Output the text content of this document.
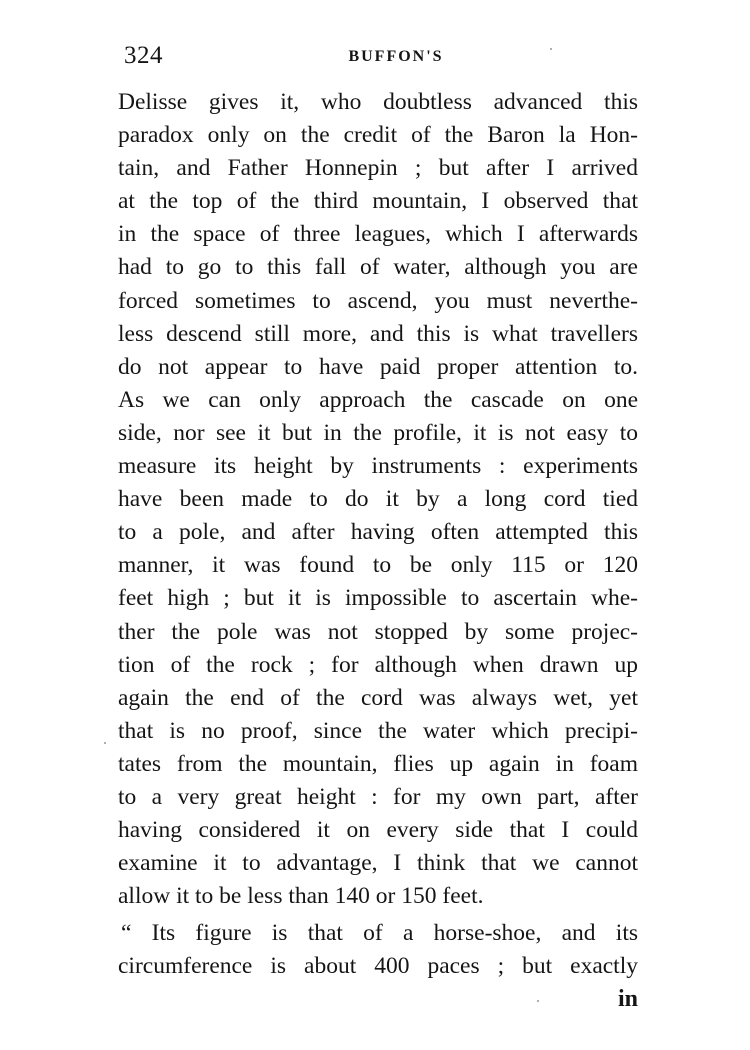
324	BUFFON'S
Delisse gives it, who doubtless advanced this
paradox only on the credit of the Baron la Hon-
tain, and Father Honnepin ; but after I arrived
at the top of the third mountain, I observed that
in the space of three leagues, which I afterwards
had to go to this fall of water, although you are
forced sometimes to ascend, you must neverthe-
less descend still more, and this is what travellers
do not appear to have paid proper attention to.
As we can only approach the cascade on one
side, nor see it but in the profile, it is not easy to
measure its height by instruments : experiments
have been made to do it by a long cord tied
to a pole, and after having often attempted this
manner, it was found to be only 115 or 120
feet high ; but it is impossible to ascertain whe-
ther the pole was not stopped by some projec-
tion of the rock ; for although when drawn up
again the end of the cord was always wet, yet
that is no proof, since the water which precipi-
tates from the mountain, flies up again in foam
to a very great height : for my own part, after
having considered it on every side that I could
examine it to advantage, I think that we cannot
allow it to be less than 140 or 150 feet.
“ Its figure is that of a horse-shoe, and its
circumference is about 400 paces ; but exactly
in
